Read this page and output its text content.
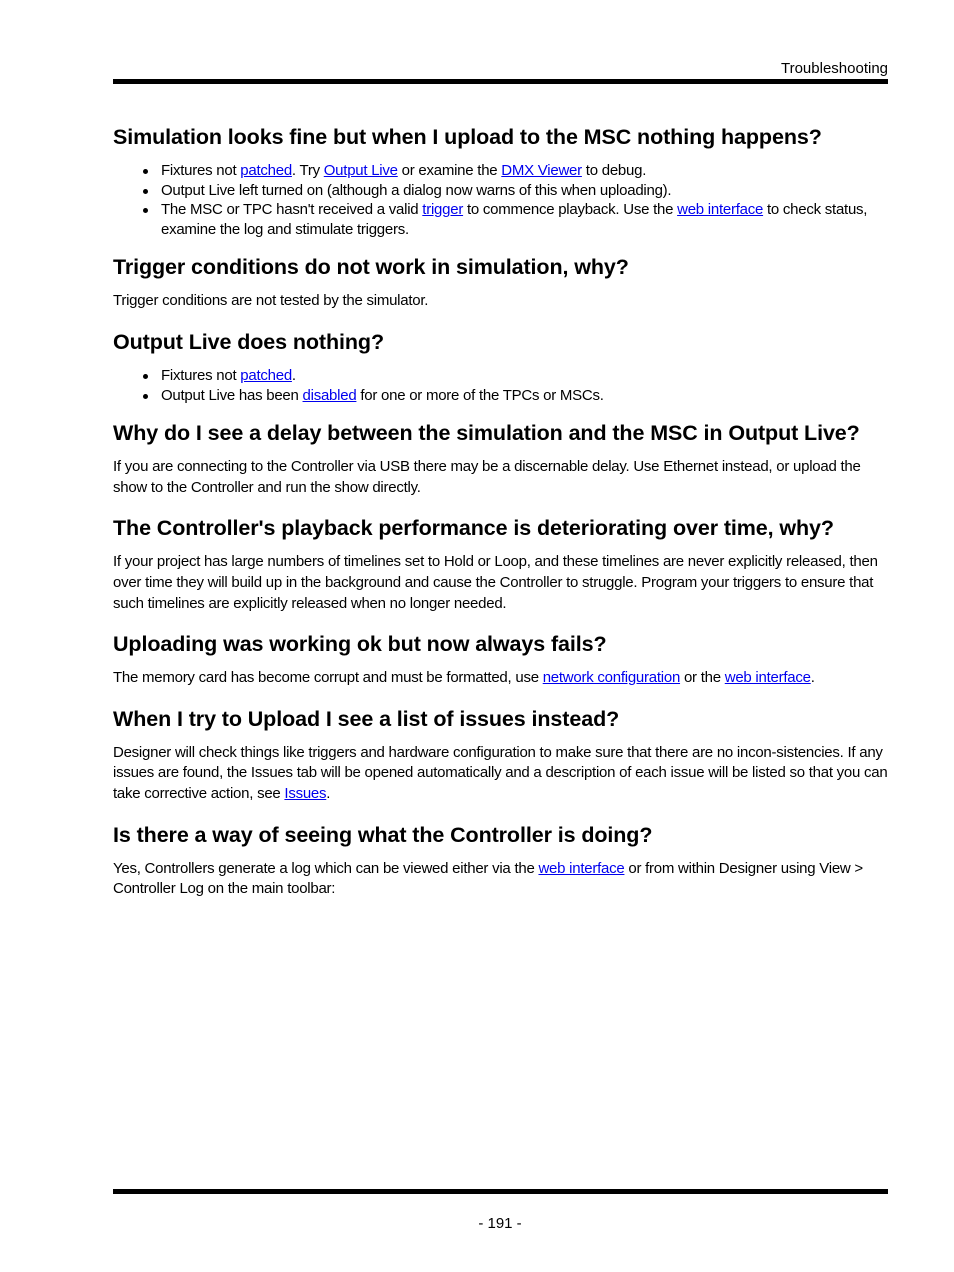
Troubleshooting
Simulation looks fine but when I upload to the MSC nothing happens?
Fixtures not patched. Try Output Live or examine the DMX Viewer to debug.
Output Live left turned on (although a dialog now warns of this when uploading).
The MSC or TPC hasn't received a valid trigger to commence playback. Use the web interface to check status, examine the log and stimulate triggers.
Trigger conditions do not work in simulation, why?

Trigger conditions are not tested by the simulator.

Output Live does nothing?
Fixtures not patched.
Output Live has been disabled for one or more of the TPCs or MSCs.
Why do I see a delay between the simulation and the MSC in Output Live?

If you are connecting to the Controller via USB there may be a discernable delay. Use Ethernet instead, or upload the show to the Controller and run the show directly.

The Controller's playback performance is deteriorating over time, why?

If your project has large numbers of timelines set to Hold or Loop, and these timelines are never explicitly released, then over time they will build up in the background and cause the Controller to struggle. Program your triggers to ensure that such timelines are explicitly released when no longer needed.

Uploading was working ok but now always fails?

The memory card has become corrupt and must be formatted, use network configuration or the web interface.

When I try to Upload I see a list of issues instead?

Designer will check things like triggers and hardware configuration to make sure that there are no incon-sistencies. If any issues are found, the Issues tab will be opened automatically and a description of each issue will be listed so that you can take corrective action, see Issues.

Is there a way of seeing what the Controller is doing?

Yes, Controllers generate a log which can be viewed either via the web interface or from within Designer using View > Controller Log on the main toolbar:

- 191 -
